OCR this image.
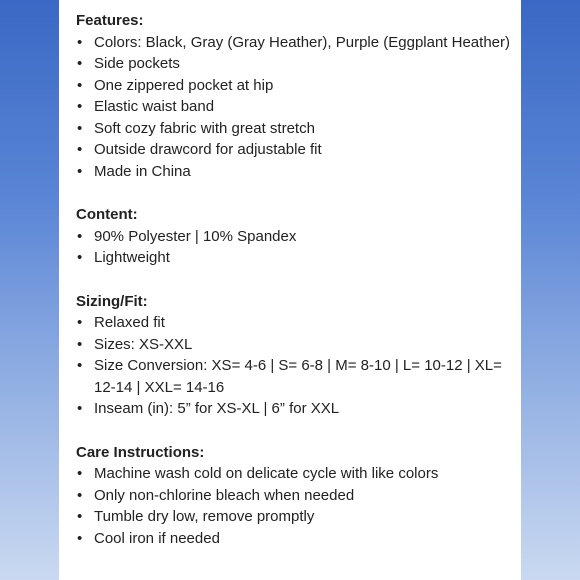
Features:

• Colors: Black, Gray (Gray Heather), Purple (Eggplant Heather)
• Side pockets
• One zippered pocket at hip
• Elastic waist band
• Soft cozy fabric with great stretch
• Outside drawcord for adjustable fit
• Made in China

Content:

• 90% Polyester | 10% Spandex
• Lightweight

Sizing/Fit:

• Relaxed fit
• Sizes: XS-XXL
• Size Conversion: XS= 4-6 | S= 6-8 | M= 8-10 | L= 10-12 | XL= 12-14 | XXL= 14-16
• Inseam (in): 5” for XS-XL | 6” for XXL

Care Instructions:

• Machine wash cold on delicate cycle with like colors
• Only non-chlorine bleach when needed
• Tumble dry low, remove promptly
• Cool iron if needed
